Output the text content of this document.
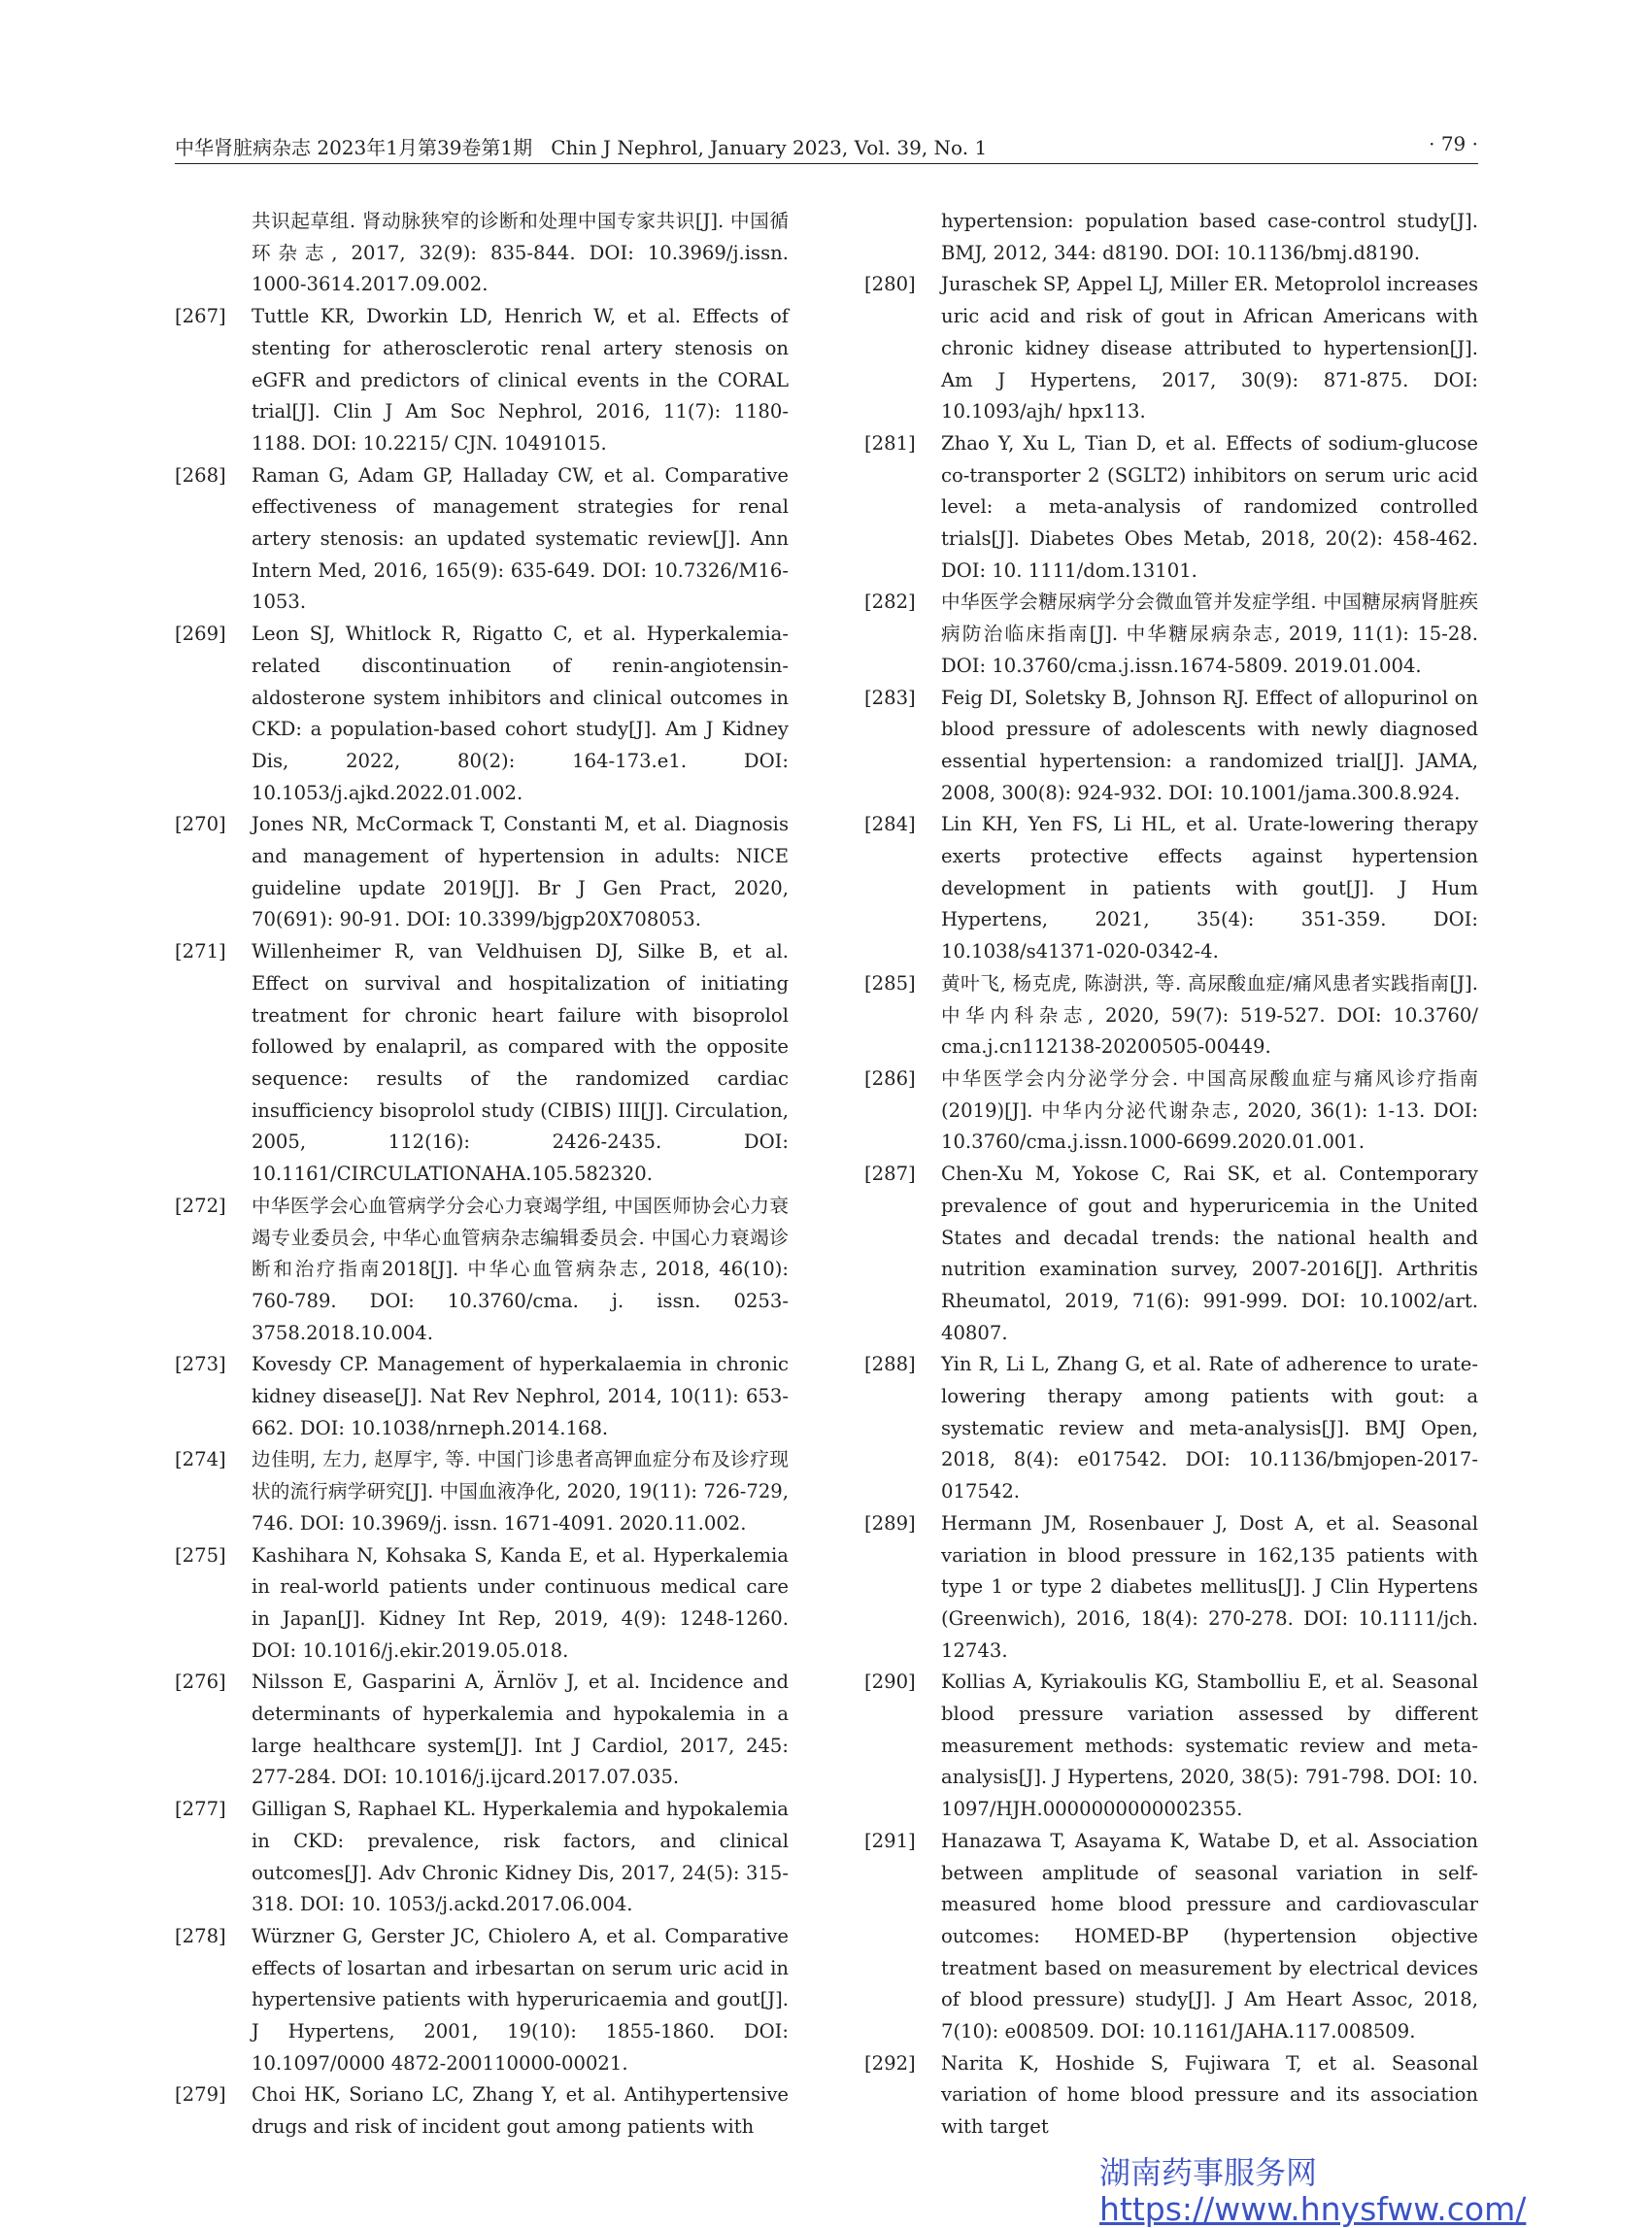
中华肾脏病杂志 2023年1月第39卷第1期 Chin J Nephrol, January 2023, Vol. 39, No. 1	· 79 ·
共识起草组. 肾动脉狭窄的诊断和处理中国专家共识[J]. 中国循环杂志, 2017, 32(9): 835-844. DOI: 10.3969/j.issn. 1000-3614.2017.09.002.
[267]	Tuttle KR, Dworkin LD, Henrich W, et al. Effects of stenting for atherosclerotic renal artery stenosis on eGFR and predictors of clinical events in the CORAL trial[J]. Clin J Am Soc Nephrol, 2016, 11(7): 1180-1188. DOI: 10.2215/ CJN. 10491015.
[268]	Raman G, Adam GP, Halladay CW, et al. Comparative effectiveness of management strategies for renal artery stenosis: an updated systematic review[J]. Ann Intern Med, 2016, 165(9): 635-649. DOI: 10.7326/M16-1053.
[269]	Leon SJ, Whitlock R, Rigatto C, et al. Hyperkalemia-related discontinuation of renin-angiotensin-aldosterone system inhibitors and clinical outcomes in CKD: a population-based cohort study[J]. Am J Kidney Dis, 2022, 80(2): 164-173.e1. DOI: 10.1053/j.ajkd.2022.01.002.
[270]	Jones NR, McCormack T, Constanti M, et al. Diagnosis and management of hypertension in adults: NICE guideline update 2019[J]. Br J Gen Pract, 2020, 70(691): 90-91. DOI: 10.3399/bjgp20X708053.
[271]	Willenheimer R, van Veldhuisen DJ, Silke B, et al. Effect on survival and hospitalization of initiating treatment for chronic heart failure with bisoprolol followed by enalapril, as compared with the opposite sequence: results of the randomized cardiac insufficiency bisoprolol study (CIBIS) III[J]. Circulation, 2005, 112(16): 2426-2435. DOI: 10.1161/CIRCULATIONAHA.105.582320.
[272]	中华医学会心血管病学分会心力衰竭学组, 中国医师协会心力衰竭专业委员会, 中华心血管病杂志编辑委员会. 中国心力衰竭诊断和治疗指南2018[J]. 中华心血管病杂志, 2018, 46(10): 760-789. DOI: 10.3760/cma. j. issn. 0253-3758.2018.10.004.
[273]	Kovesdy CP. Management of hyperkalaemia in chronic kidney disease[J]. Nat Rev Nephrol, 2014, 10(11): 653-662. DOI: 10.1038/nrneph.2014.168.
[274]	边佳明, 左力, 赵厚宇, 等. 中国门诊患者高钾血症分布及诊疗现状的流行病学研究[J]. 中国血液净化, 2020, 19(11): 726-729, 746. DOI: 10.3969/j. issn. 1671-4091. 2020.11.002.
[275]	Kashihara N, Kohsaka S, Kanda E, et al. Hyperkalemia in real-world patients under continuous medical care in Japan[J]. Kidney Int Rep, 2019, 4(9): 1248-1260. DOI: 10.1016/j.ekir.2019.05.018.
[276]	Nilsson E, Gasparini A, Ärnlöv J, et al. Incidence and determinants of hyperkalemia and hypokalemia in a large healthcare system[J]. Int J Cardiol, 2017, 245: 277-284. DOI: 10.1016/j.ijcard.2017.07.035.
[277]	Gilligan S, Raphael KL. Hyperkalemia and hypokalemia in CKD: prevalence, risk factors, and clinical outcomes[J]. Adv Chronic Kidney Dis, 2017, 24(5): 315-318. DOI: 10. 1053/j.ackd.2017.06.004.
[278]	Würzner G, Gerster JC, Chiolero A, et al. Comparative effects of losartan and irbesartan on serum uric acid in hypertensive patients with hyperuricaemia and gout[J]. J Hypertens, 2001, 19(10): 1855-1860. DOI: 10.1097/0000 4872-200110000-00021.
[279]	Choi HK, Soriano LC, Zhang Y, et al. Antihypertensive drugs and risk of incident gout among patients with
hypertension: population based case-control study[J]. BMJ, 2012, 344: d8190. DOI: 10.1136/bmj.d8190.
[280]	Juraschek SP, Appel LJ, Miller ER. Metoprolol increases uric acid and risk of gout in African Americans with chronic kidney disease attributed to hypertension[J]. Am J Hypertens, 2017, 30(9): 871-875. DOI: 10.1093/ajh/ hpx113.
[281]	Zhao Y, Xu L, Tian D, et al. Effects of sodium-glucose co-transporter 2 (SGLT2) inhibitors on serum uric acid level: a meta-analysis of randomized controlled trials[J]. Diabetes Obes Metab, 2018, 20(2): 458-462. DOI: 10. 1111/dom.13101.
[282]	中华医学会糖尿病学分会微血管并发症学组. 中国糖尿病肾脏疾病防治临床指南[J]. 中华糖尿病杂志, 2019, 11(1): 15-28. DOI: 10.3760/cma.j.issn.1674-5809. 2019.01.004.
[283]	Feig DI, Soletsky B, Johnson RJ. Effect of allopurinol on blood pressure of adolescents with newly diagnosed essential hypertension: a randomized trial[J]. JAMA, 2008, 300(8): 924-932. DOI: 10.1001/jama.300.8.924.
[284]	Lin KH, Yen FS, Li HL, et al. Urate-lowering therapy exerts protective effects against hypertension development in patients with gout[J]. J Hum Hypertens, 2021, 35(4): 351-359. DOI: 10.1038/s41371-020-0342-4.
[285]	黄叶飞, 杨克虎, 陈澍洪, 等. 高尿酸血症/痛风患者实践指南[J]. 中华内科杂志, 2020, 59(7): 519-527. DOI: 10.3760/ cma.j.cn112138-20200505-00449.
[286]	中华医学会内分泌学分会. 中国高尿酸血症与痛风诊疗指南(2019)[J]. 中华内分泌代谢杂志, 2020, 36(1): 1-13. DOI: 10.3760/cma.j.issn.1000-6699.2020.01.001.
[287]	Chen-Xu M, Yokose C, Rai SK, et al. Contemporary prevalence of gout and hyperuricemia in the United States and decadal trends: the national health and nutrition examination survey, 2007-2016[J]. Arthritis Rheumatol, 2019, 71(6): 991-999. DOI: 10.1002/art. 40807.
[288]	Yin R, Li L, Zhang G, et al. Rate of adherence to urate-lowering therapy among patients with gout: a systematic review and meta-analysis[J]. BMJ Open, 2018, 8(4): e017542. DOI: 10.1136/bmjopen-2017-017542.
[289]	Hermann JM, Rosenbauer J, Dost A, et al. Seasonal variation in blood pressure in 162,135 patients with type 1 or type 2 diabetes mellitus[J]. J Clin Hypertens (Greenwich), 2016, 18(4): 270-278. DOI: 10.1111/jch. 12743.
[290]	Kollias A, Kyriakoulis KG, Stambolliu E, et al. Seasonal blood pressure variation assessed by different measurement methods: systematic review and meta-analysis[J]. J Hypertens, 2020, 38(5): 791-798. DOI: 10. 1097/HJH.0000000000002355.
[291]	Hanazawa T, Asayama K, Watabe D, et al. Association between amplitude of seasonal variation in self-measured home blood pressure and cardiovascular outcomes: HOMED-BP (hypertension objective treatment based on measurement by electrical devices of blood pressure) study[J]. J Am Heart Assoc, 2018, 7(10): e008509. DOI: 10.1161/JAHA.117.008509.
[292]	Narita K, Hoshide S, Fujiwara T, et al. Seasonal variation of home blood pressure and its association with target
湖南药事服务网
https://www.hnysfww.com/
